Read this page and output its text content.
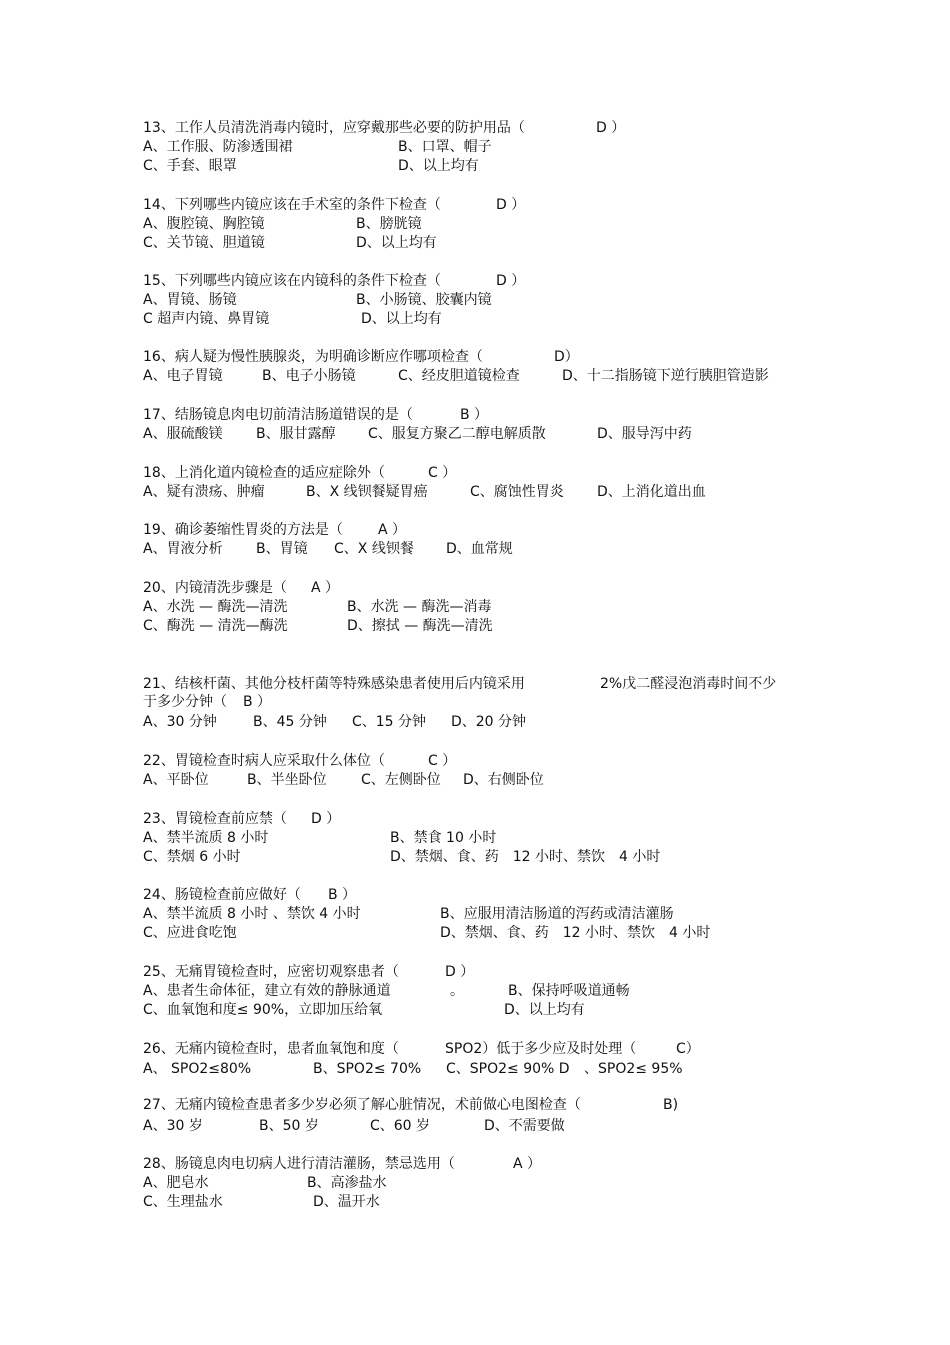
13、工作人员清洗消毒内镜时，应穿戴那些必要的防护用品（	D ）
A、工作服、防渗透围裙	B、口罩、帽子
C、手套、眼罩	D、以上均有
14、下列哪些内镜应该在手术室的条件下检查（	D ）
A、腹腔镜、胸腔镜	B、膀胱镜
C、关节镜、胆道镜	D、以上均有
15、下列哪些内镜应该在内镜科的条件下检查（	D ）
A、胃镜、肠镜	B、小肠镜、胶囊内镜
C 超声内镜、鼻胃镜	D、以上均有
16、病人疑为慢性胰腺炎，为明确诊断应作哪项检查（	D）
A、电子胃镜	B、电子小肠镜	C、经皮胆道镜检查	D、十二指肠镜下逆行胰胆管造影
17、结肠镜息肉电切前清洁肠道错误的是（	B ）
A、服硫酸镁 B、服甘露醇 C、服复方聚乙二醇电解质散	D、服导泻中药
18、上消化道内镜检查的适应症除外（	C ）
A、疑有溃疡、肿瘤	B、X 线钡餐疑胃癌	C、腐蚀性胃炎 D、上消化道出血
19、确诊萎缩性胃炎的方法是（	A ）
A、胃液分析 B、胃镜 C、X 线钡餐 D、血常规
20、内镜清洗步骤是（ A ）
A、水洗 — 酶洗—清洗	B、水洗 — 酶洗—消毒
C、酶洗 — 清洗—酶洗	D、擦拭 — 酶洗—清洗
21、结核杆菌、其他分枝杆菌等特殊感染患者使用后内镜采用	2%戊二醛浸泡消毒时间不少
于多少分钟（ B ）
A、30 分钟	B、45 分钟 C、15 分钟 D、20 分钟
22、胃镜检查时病人应采取什么体位（	C ）
A、平卧位	B、半坐卧位 C、左侧卧位 D、右侧卧位
23、胃镜检查前应禁（ D ）
A、禁半流质 8 小时	B、禁食 10 小时
C、禁烟 6 小时	D、禁烟、食、药　12 小时、禁饮　4 小时
24、肠镜检查前应做好（ B ）
A、禁半流质 8 小时 、禁饮 4 小时	B、应服用清洁肠道的泻药或清洁灌肠
C、应进食吃饱	D、禁烟、食、药　12 小时、禁饮　4 小时
25、无痛胃镜检查时，应密切观察患者（	D ）
A、患者生命体征，建立有效的静脉通道	。	B、保持呼吸道通畅
C、血氧饱和度≤ 90%，立即加压给氧	D、以上均有
26、无痛内镜检查时，患者血氧饱和度（	SPO2）低于多少应及时处理（	C）
A、 SPO2≤80%	B、SPO2≤ 70% C、SPO2≤ 90% D 、SPO2≤ 95%
27、无痛内镜检查患者多少岁必须了解心脏情况，术前做心电图检查（	B)
A、30 岁	B、50 岁	C、60 岁	D、不需要做
28、肠镜息肉电切病人进行清洁灌肠，禁忌选用（	A ）
A、肥皂水	B、高渗盐水
C、生理盐水	D、温开水
